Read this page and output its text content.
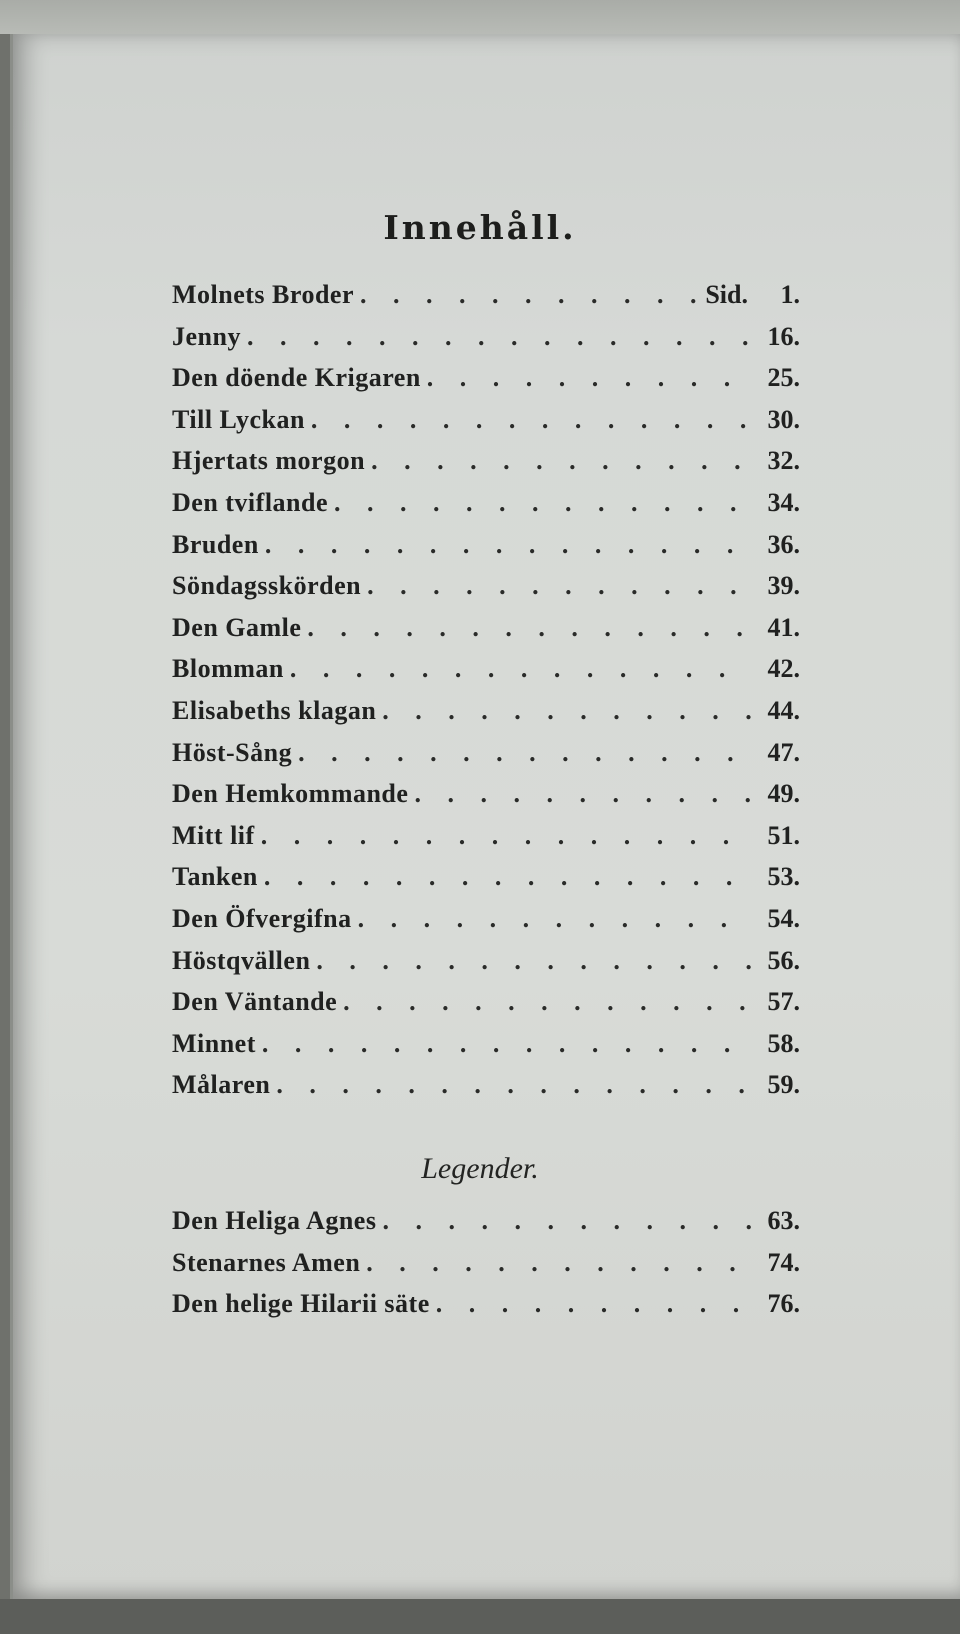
Innehåll.
Molnets Broder . . .	Sid.	1.
Jenny . . .	16.
Den döende Krigaren . . .	25.
Till Lyckan . . .	30.
Hjertats morgon . . .	32.
Den tviflande . . .	34.
Bruden . . .	36.
Söndagsskörden . . .	39.
Den Gamle . . .	41.
Blomman . . .	42.
Elisabeths klagan . . .	44.
Höst-Sång . . .	47.
Den Hemkommande . . .	49.
Mitt lif . . .	51.
Tanken . . .	53.
Den Öfvergifna . . .	54.
Höstqvällen . . .	56.
Den Väntande . . .	57.
Minnet . . .	58.
Målaren . . .	59.
Legender.
Den Heliga Agnes . . .	63.
Stenarnes Amen . . .	74.
Den helige Hilarii säte . . .	76.
